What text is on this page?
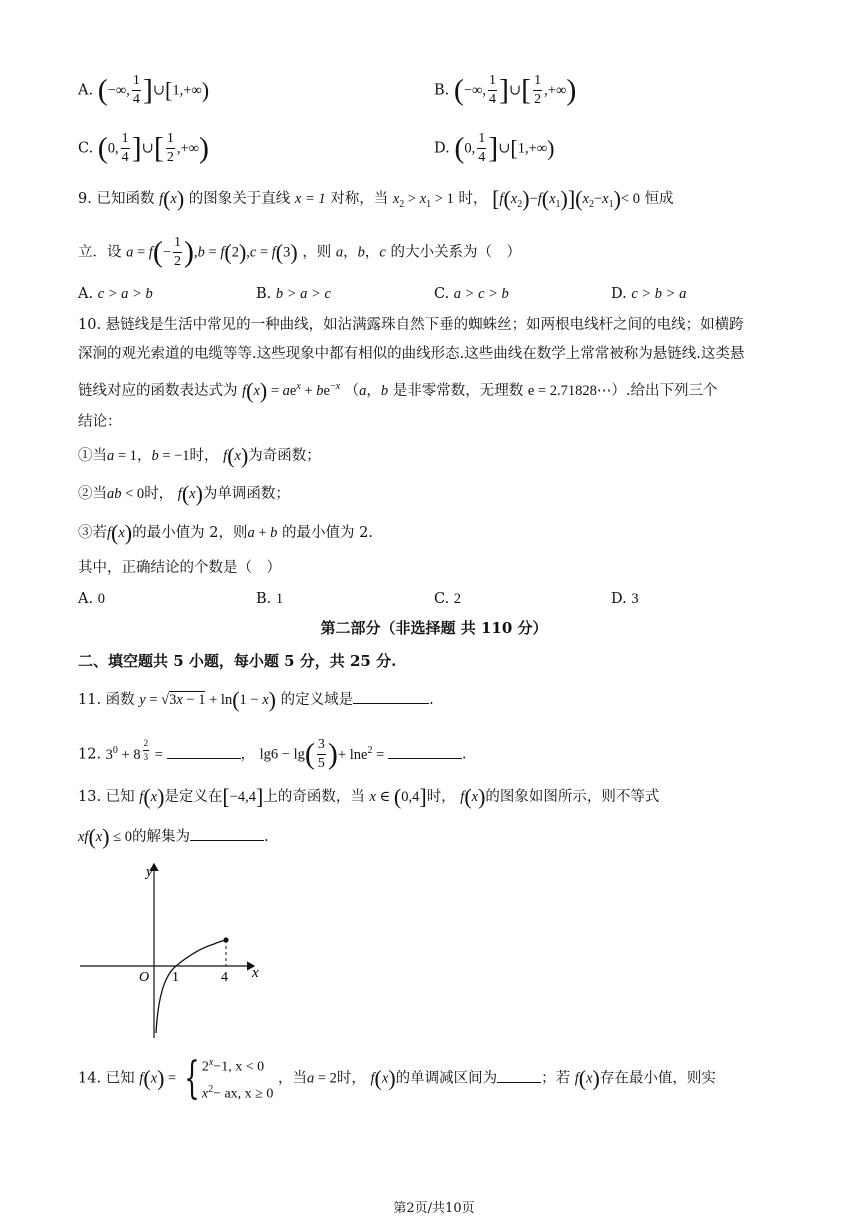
A. (−∞, $\frac{1}{4}$ ]∪[1,+∞)	B. (−∞, $\frac{1}{4}$ ]∪[ $\frac{1}{2}$ ,+∞)
C. (0, $\frac{1}{4}$ ]∪[ $\frac{1}{2}$ ,+∞)	D. (0, $\frac{1}{4}$ ]∪[1,+∞)
9. 已知函数 f(x) 的图象关于直线 x = 1 对称，当 $x_2 > x_1 > 1$ 时， $[f(x_2)-f(x_1)](x_2-x_1)< 0$ 恒成
立．设 $a = f(- \frac{1}{2} ),b = f(2),c = f(3)$ ，则 a，b，c 的大小关系为（　）
A. c > a > b	B. b > a > c	C. a > c > b	D. c > b > a
10. 悬链线是生活中常见的一种曲线，如沾满露珠自然下垂的蜘蛛丝；如两根电线杆之间的电线；如横跨
深涧的观光索道的电缆等等.这些现象中都有相似的曲线形态.这些曲线在数学上常常被称为悬链线.这类悬
链线对应的函数表达式为 $f(x) = ae^x + be^{-x}$ （a，b 是非零常数，无理数 e = 2.71828⋯）.给出下列三个
结论：
①当a = 1，b = −1时， f(x)为奇函数；
②当ab < 0时， f(x)为单调函数；
③若f(x)的最小值为 2，则a + b 的最小值为 2.
其中，正确结论的个数是（　）
A. 0	B. 1	C. 2	D. 3
第二部分（非选择题 共 110 分）
二、填空题共 5 小题，每小题 5 分，共 25 分.
11. 函数 y = √3x − 1 + ln(1 − x) 的定义域是	.
12. $3^0 + 8$ $^{\frac{2}{3}}$ =	， $\lg 6 - \lg( \frac{3}{5}$ )+ lne$^2$ =	.
13. 已知 f(x)是定义在[−4,4]上的奇函数，当 x ∈ (0,4]时， f(x)的图象如图所示，则不等式
xf(x) ≤ 0的解集为	.
y
x
O 1	4
14. 已知 f(x) = { $2^x-1$, x < 0
$x^2-$ ax, x ≥ 0
，当a = 2时， f(x)的单调减区间为	；若 f(x)存在最小值，则实
第2页/共10页
